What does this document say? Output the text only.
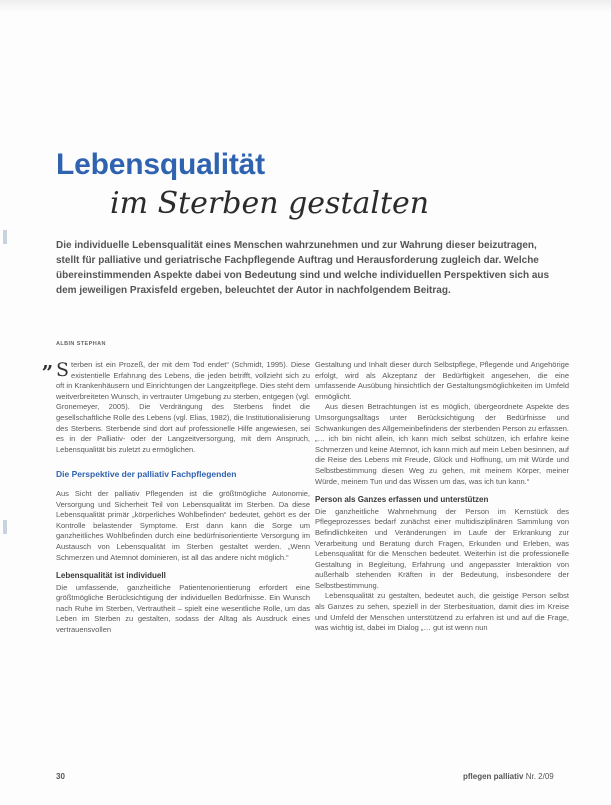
Lebensqualität
im Sterben gestalten
Die individuelle Lebensqualität eines Menschen wahrzunehmen und zur Wahrung dieser beizutragen, stellt für palliative und geriatrische Fachpflegende Auftrag und Herausforderung zugleich dar. Welche übereinstimmenden Aspekte dabei von Bedeutung sind und welche individuellen Perspektiven sich aus dem jeweiligen Praxisfeld ergeben, beleuchtet der Autor in nachfolgendem Beitrag.
ALBIN STEPHAN
„ S terben ist ein Prozeß, der mit dem Tod endet“ (Schmidt, 1995). Diese existentielle Erfahrung des Lebens, die jeden betrifft, vollzieht sich zu oft in Krankenhäusern und Einrichtungen der Langzeitpflege. Dies steht dem weitverbreiteten Wunsch, in vertrauter Umgebung zu sterben, entgegen (vgl. Gronemeyer, 2005). Die Verdrängung des Sterbens findet die gesellschaftliche Rolle des Lebens (vgl. Elias, 1982), die Institutionalisierung des Sterbens. Sterbende sind dort auf professionelle Hilfe angewiesen, sei es in der Palliativ- oder der Langzeitversorgung, mit dem Anspruch, Lebensqualität bis zuletzt zu ermöglichen.

Die Perspektive der palliativ Fachpflegenden

Aus Sicht der palliativ Pflegenden ist die größtmögliche Autonomie, Versorgung und Sicherheit Teil von Lebensqualität im Sterben. Da diese Lebensqualität primär „körperliches Wohlbefinden“ bedeutet, gehört es der Kontrolle belastender Symptome. Erst dann kann die Sorge um ganzheitliches Wohlbefinden durch eine bedürfnisorientierte Versorgung im Austausch von Lebensqualität im Sterben gestaltet werden. „Wenn Schmerzen und Atemnot dominieren, ist all das andere nicht möglich.“

Lebensqualität ist individuell

Die umfassende, ganzheitliche Patientenorientierung erfordert eine größtmögliche Berücksichtigung der individuellen Bedürfnisse. Ein Wunsch nach Ruhe im Sterben, Vertrautheit – spielt eine wesentliche Rolle, um das Leben im Sterben zu gestalten, sodass der Alltag als Ausdruck eines vertrauensvollen

Gestaltung und Inhalt dieser durch Selbstpflege, Pflegende und Angehörige erfolgt, wird als Akzeptanz der Bedürftigkeit angesehen, die eine umfassende Ausübung hinsichtlich der Gestaltungsmöglichkeiten im Umfeld ermöglicht.

Aus diesen Betrachtungen ist es möglich, übergeordnete Aspekte des Umsorgungsalltags unter Berücksichtigung der Bedürfnisse und Schwankungen des Allgemeinbefindens der sterbenden Person zu erfassen. „… ich bin nicht allein, ich kann mich selbst schützen, ich erfahre keine Schmerzen und keine Atemnot, ich kann mich auf mein Leben besinnen, auf die Reise des Lebens mit Freude, Glück und Hoffnung, um mit Würde und Selbstbestimmung diesen Weg zu gehen, mit meinem Körper, meiner Würde, meinem Tun und das Wissen um das, was ich tun kann.“

Person als Ganzes erfassen und unterstützen

Die ganzheitliche Wahrnehmung der Person im Kernstück des Pflegeprozesses bedarf zunächst einer multidisziplinären Sammlung von Befindlichkeiten und Veränderungen im Laufe der Erkrankung zur Verarbeitung und Beratung durch Fragen, Erkunden und Erleben, was Lebensqualität für die Menschen bedeutet. Weiterhin ist die professionelle Gestaltung in Begleitung, Erfahrung und angepasster Interaktion von außerhalb stehenden Kräften in der Bedeutung, insbesondere der Selbstbestimmung.

Lebensqualität zu gestalten, bedeutet auch, die geistige Person selbst als Ganzes zu sehen, speziell in der Sterbesituation, damit dies im Kreise und Umfeld der Menschen unterstützend zu erfahren ist und auf die Frage, was wichtig ist, dabei im Dialog „… gut ist wenn nun

30	pflegen palliativ Nr. 2/09
